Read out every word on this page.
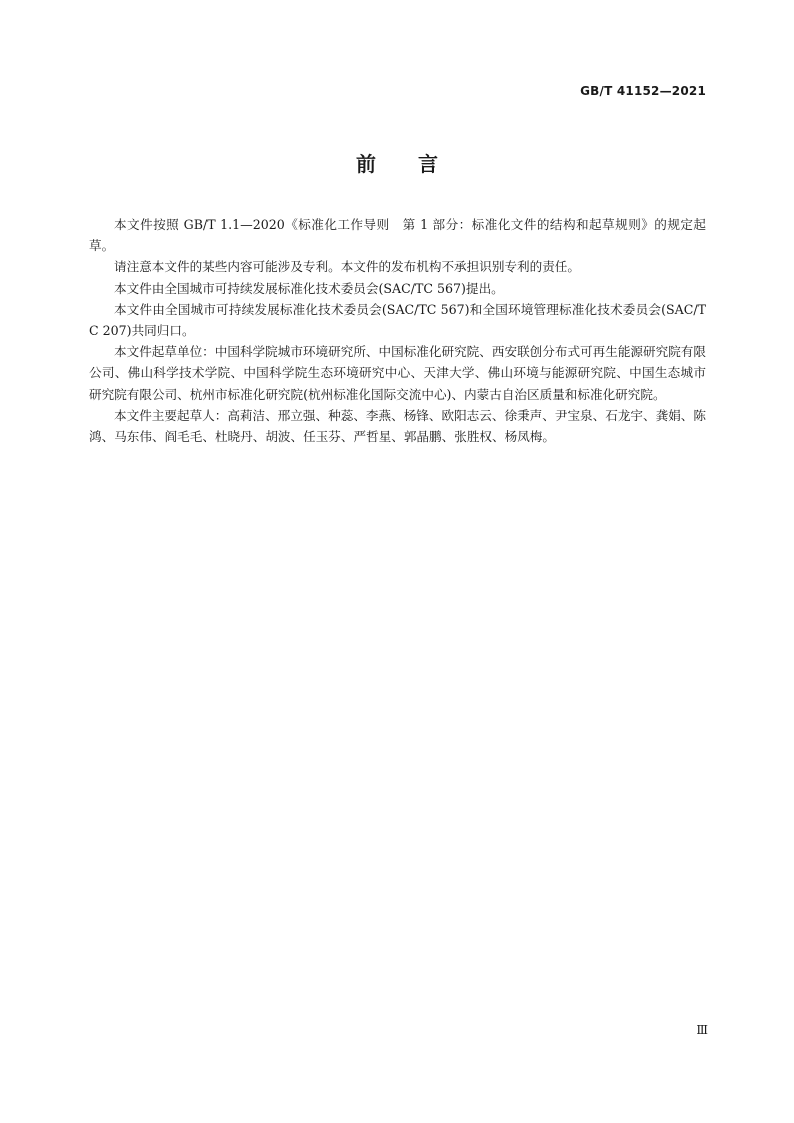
GB/T 41152—2021
前言

本文件按照 GB/T 1.1—2020《标准化工作导则　第 1 部分：标准化文件的结构和起草规则》的规定起草。

请注意本文件的某些内容可能涉及专利。本文件的发布机构不承担识别专利的责任。

本文件由全国城市可持续发展标准化技术委员会(SAC/TC 567)提出。

本文件由全国城市可持续发展标准化技术委员会(SAC/TC 567)和全国环境管理标准化技术委员会(SAC/TC 207)共同归口。

本文件起草单位：中国科学院城市环境研究所、中国标准化研究院、西安联创分布式可再生能源研究院有限公司、佛山科学技术学院、中国科学院生态环境研究中心、天津大学、佛山环境与能源研究院、中国生态城市研究院有限公司、杭州市标准化研究院(杭州标准化国际交流中心)、内蒙古自治区质量和标准化研究院。

本文件主要起草人：高莉洁、邢立强、种蕊、李燕、杨锋、欧阳志云、徐秉声、尹宝泉、石龙宇、龚娟、陈鸿、马东伟、阎毛毛、杜晓丹、胡波、任玉芬、严哲星、郭晶鹏、张胜权、杨凤梅。

Ⅲ
